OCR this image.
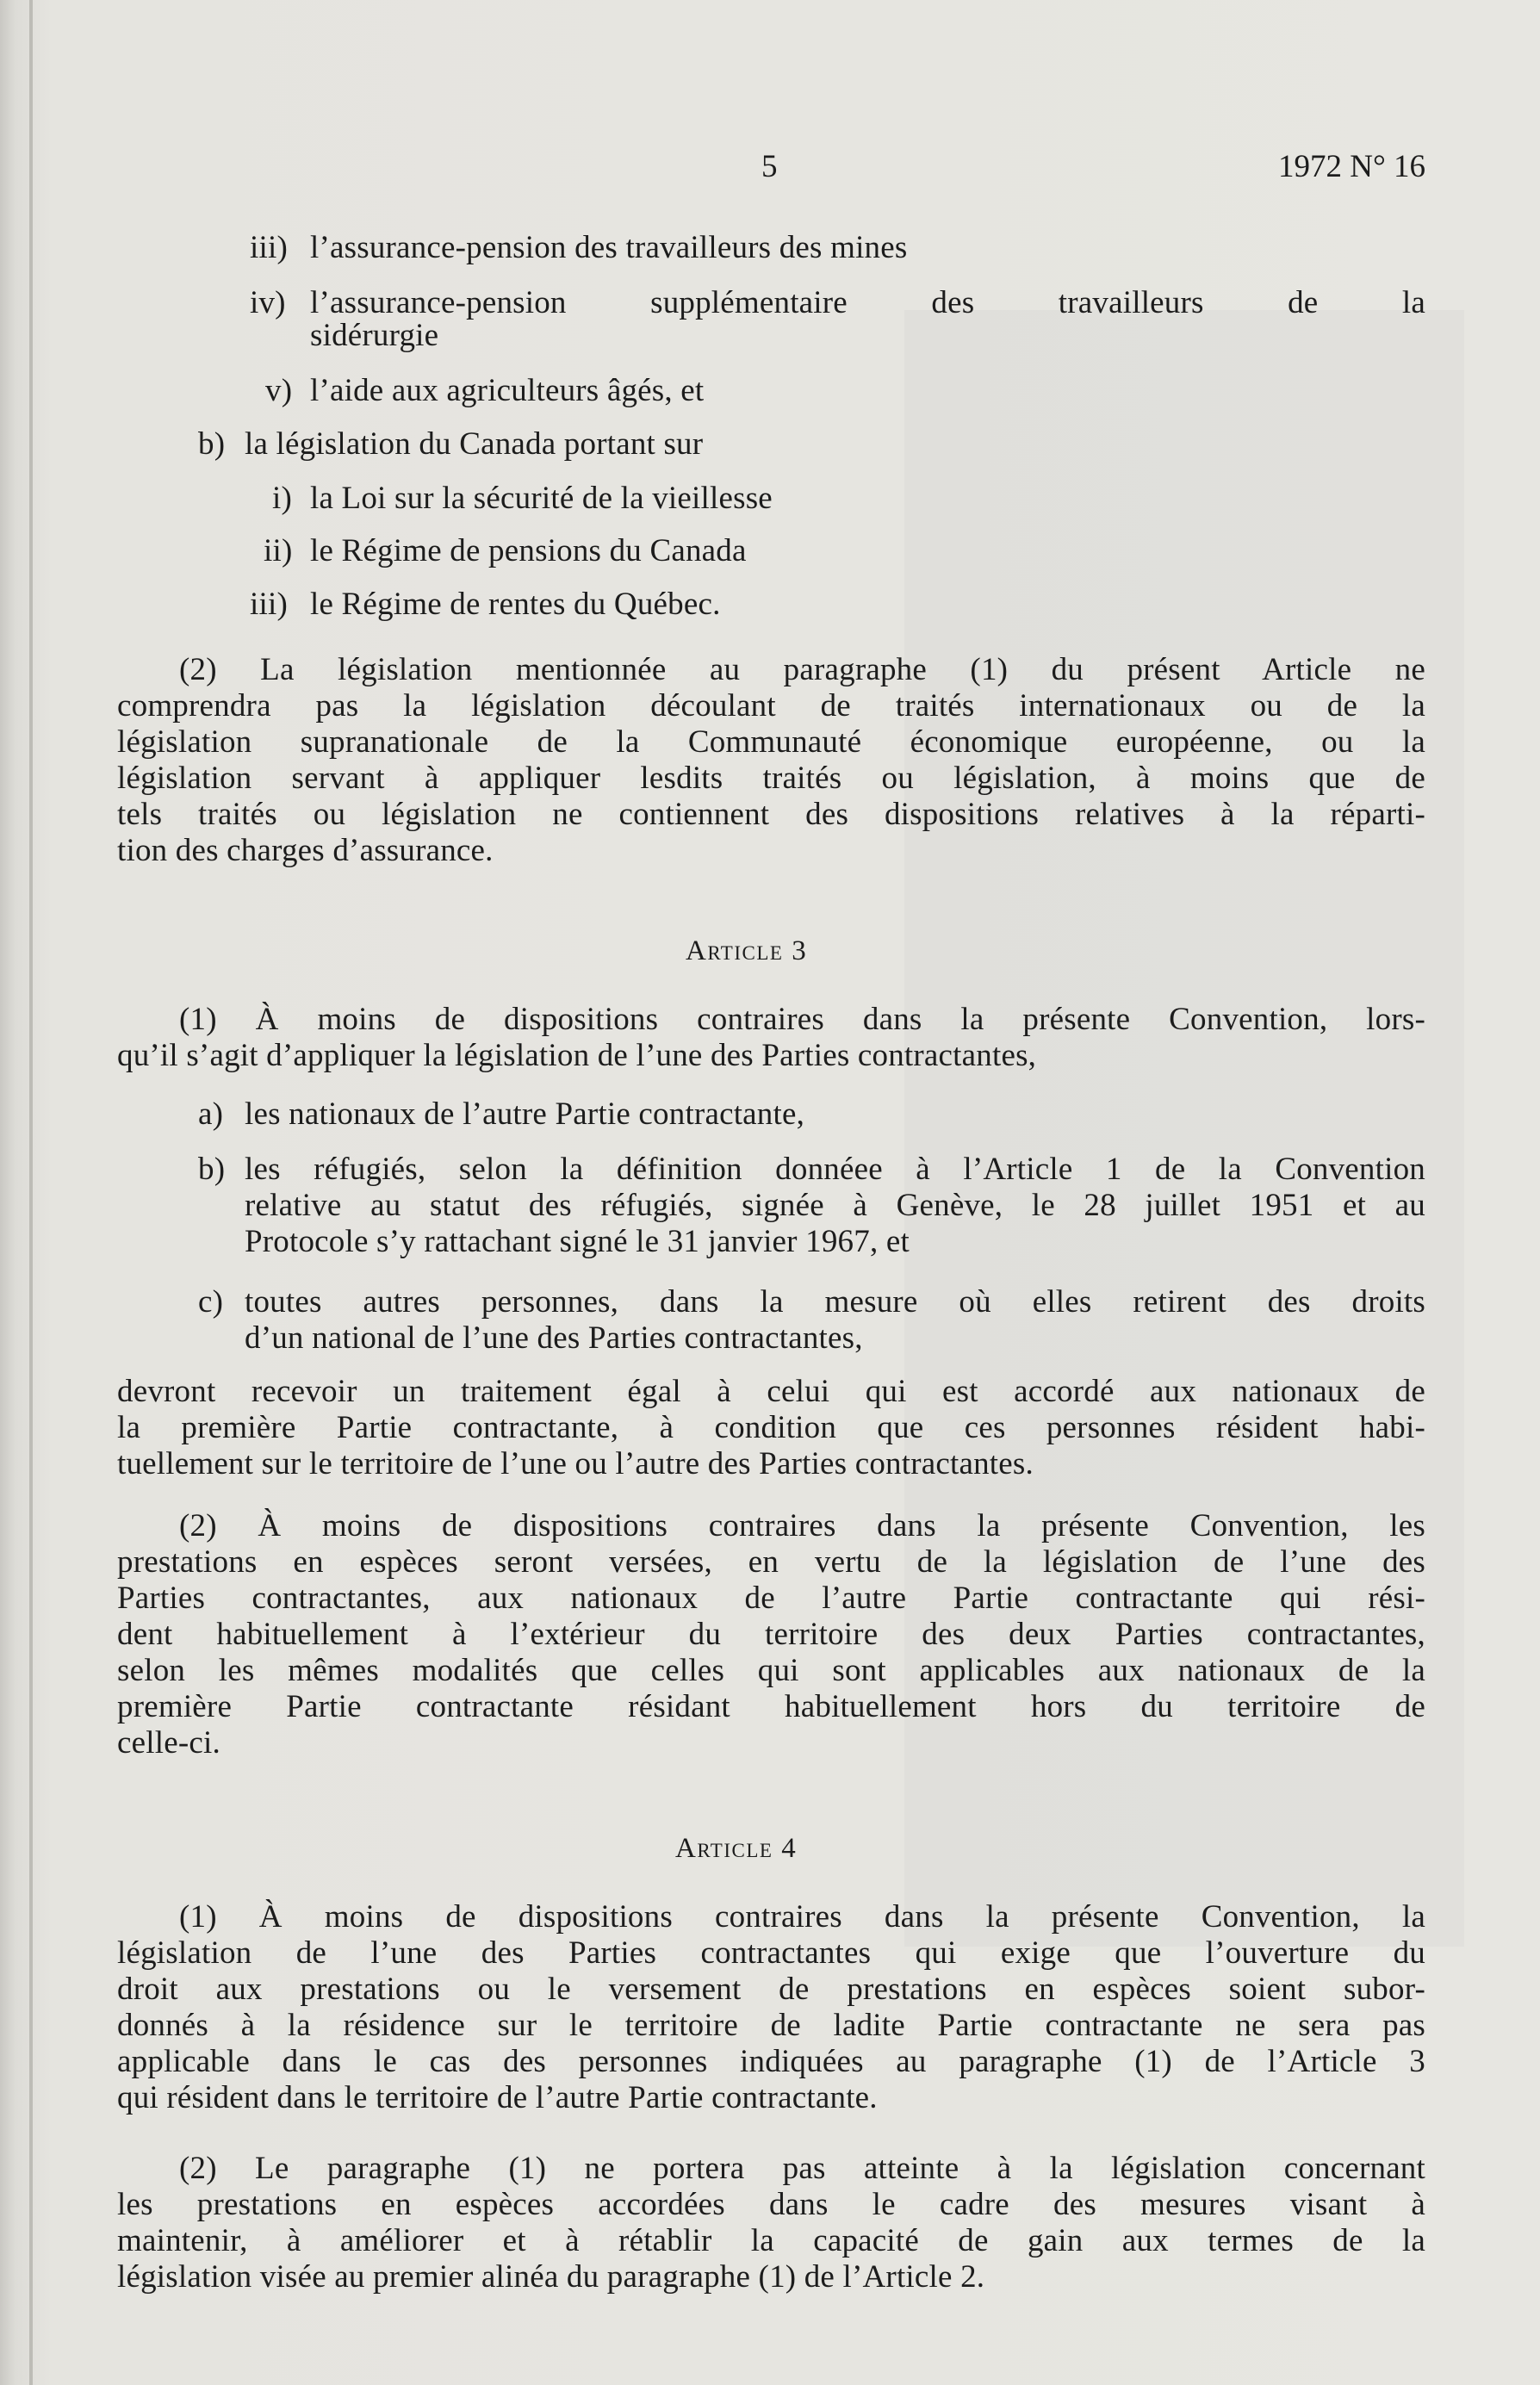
5	1972 N° 16
iii) l’assurance-pension des travailleurs des mines
iv) l’assurance-pension supplémentaire des travailleurs de la
sidérurgie
v) l’aide aux agriculteurs âgés, et
b) la législation du Canada portant sur
i) la Loi sur la sécurité de la vieillesse
ii) le Régime de pensions du Canada
iii) le Régime de rentes du Québec.
(2) La législation mentionnée au paragraphe (1) du présent Article ne
comprendra pas la législation découlant de traités internationaux ou de la
législation supranationale de la Communauté économique européenne, ou la
législation servant à appliquer lesdits traités ou législation, à moins que de
tels traités ou législation ne contiennent des dispositions relatives à la réparti-
tion des charges d’assurance.
Article 3
(1) À moins de dispositions contraires dans la présente Convention, lors-
qu’il s’agit d’appliquer la législation de l’une des Parties contractantes,
a) les nationaux de l’autre Partie contractante,
b) les réfugiés, selon la définition donnéee à l’Article 1 de la Convention
relative au statut des réfugiés, signée à Genève, le 28 juillet 1951 et au
Protocole s’y rattachant signé le 31 janvier 1967, et
c) toutes autres personnes, dans la mesure où elles retirent des droits
d’un national de l’une des Parties contractantes,
devront recevoir un traitement égal à celui qui est accordé aux nationaux de
la première Partie contractante, à condition que ces personnes résident habi-
tuellement sur le territoire de l’une ou l’autre des Parties contractantes.
(2) À moins de dispositions contraires dans la présente Convention, les
prestations en espèces seront versées, en vertu de la législation de l’une des
Parties contractantes, aux nationaux de l’autre Partie contractante qui rési-
dent habituellement à l’extérieur du territoire des deux Parties contractantes,
selon les mêmes modalités que celles qui sont applicables aux nationaux de la
première Partie contractante résidant habituellement hors du territoire de
celle-ci.
Article 4
(1) À moins de dispositions contraires dans la présente Convention, la
législation de l’une des Parties contractantes qui exige que l’ouverture du
droit aux prestations ou le versement de prestations en espèces soient subor-
donnés à la résidence sur le territoire de ladite Partie contractante ne sera pas
applicable dans le cas des personnes indiquées au paragraphe (1) de l’Article 3
qui résident dans le territoire de l’autre Partie contractante.
(2) Le paragraphe (1) ne portera pas atteinte à la législation concernant
les prestations en espèces accordées dans le cadre des mesures visant à
maintenir, à améliorer et à rétablir la capacité de gain aux termes de la
législation visée au premier alinéa du paragraphe (1) de l’Article 2.
